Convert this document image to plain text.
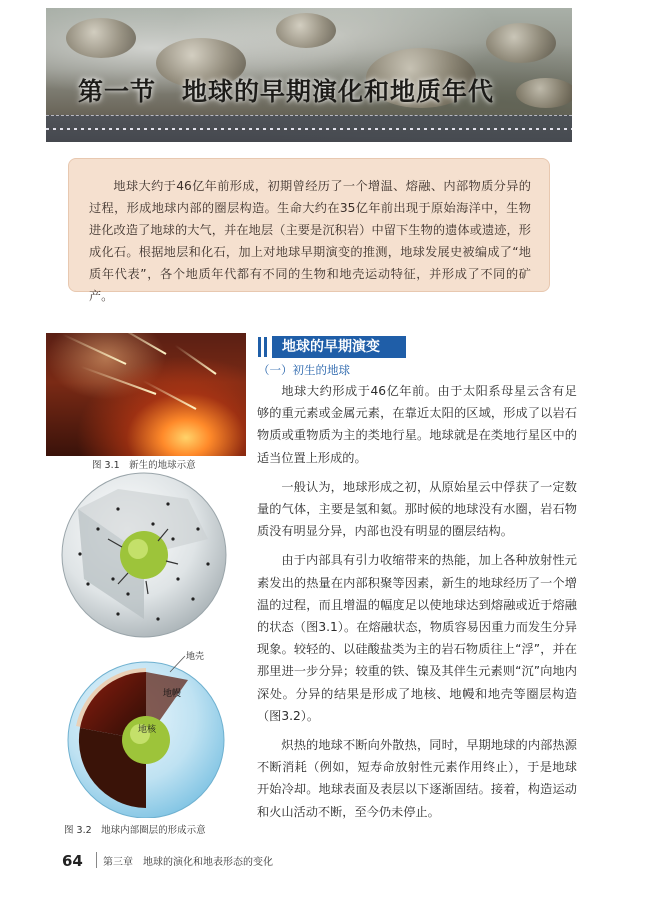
第一节　地球的早期演化和地质年代
地球大约于46亿年前形成，初期曾经历了一个增温、熔融、内部物质分异的过程，形成地球内部的圈层构造。生命大约在35亿年前出现于原始海洋中，生物进化改造了地球的大气，并在地层（主要是沉积岩）中留下生物的遗体或遗迹，形成化石。根据地层和化石，加上对地球早期演变的推测，地球发展史被编成了“地质年代表”，各个地质年代都有不同的生物和地壳运动特征，并形成了不同的矿产。
图 3.1　新生的地球示意
地球的早期演变
（一）初生的地球

地球大约形成于46亿年前。由于太阳系母星云含有足够的重元素或金属元素，在靠近太阳的区域，形成了以岩石物质或重物质为主的类地行星。地球就是在类地行星区中的适当位置上形成的。

一般认为，地球形成之初，从原始星云中俘获了一定数量的气体，主要是氢和氦。那时候的地球没有水圈，岩石物质没有明显分异，内部也没有明显的圈层结构。

由于内部具有引力收缩带来的热能，加上各种放射性元素发出的热量在内部积聚等因素，新生的地球经历了一个增温的过程，而且增温的幅度足以使地球达到熔融或近于熔融的状态（图3.1）。在熔融状态，物质容易因重力而发生分异现象。较轻的、以硅酸盐类为主的岩石物质往上“浮”，并在那里进一步分异；较重的铁、镍及其伴生元素则“沉”向地内深处。分异的结果是形成了地核、地幔和地壳等圈层构造（图3.2）。

炽热的地球不断向外散热，同时，早期地球的内部热源不断消耗（例如，短寿命放射性元素作用终止），于是地球开始冷却。地球表面及表层以下逐渐固结。接着，构造运动和火山活动不断，至今仍未停止。

地壳
地幔
地核
图 3.2　地球内部圈层的形成示意
64 第三章　地球的演化和地表形态的变化
